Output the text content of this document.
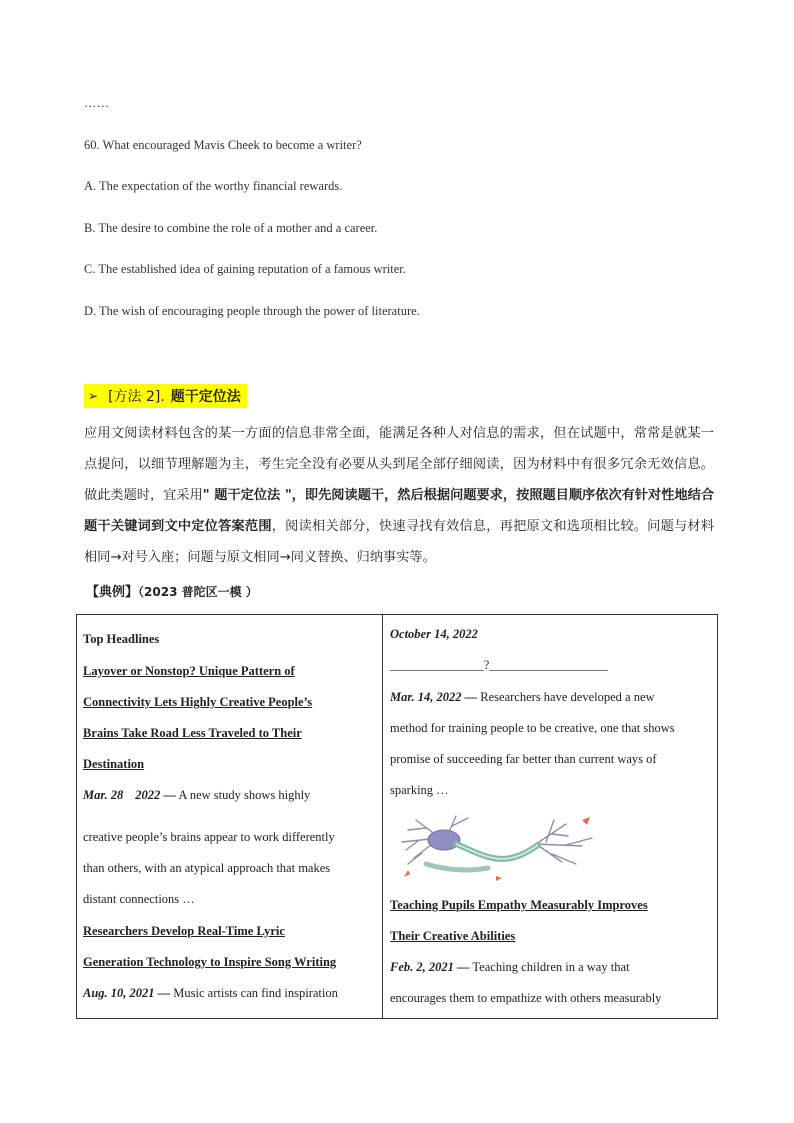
……
60. What encouraged Mavis Cheek to become a writer?
A. The expectation of the worthy financial rewards.
B. The desire to combine the role of a mother and a career.
C. The established idea of gaining reputation of a famous writer.
D. The wish of encouraging people through the power of literature.
➢ [方法 2]. 题干定位法
应用文阅读材料包含的某一方面的信息非常全面，能满足各种人对信息的需求，但在试题中，常常是就某一点提问，以细节理解题为主，考生完全没有必要从头到尾全部仔细阅读，因为材料中有很多冗余无效信息。做此类题时，宜采用" 题干定位法 "，即先阅读题干，然后根据问题要求，按照题目顺序依次有针对性地结合题干关键词到文中定位答案范围，阅读相关部分，快速寻找有效信息，再把原文和选项相比较。问题与材料相同→对号入座；问题与原文相同→同义替换、归纳事实等。
【典例】（2023 普陀区一模 ）
Top Headlines
Layover or Nonstop? Unique Pattern of
Connectivity Lets Highly Creative People’s
Brains Take Road Less Traveled to Their
Destination
Mar. 28 2022 — A new study shows highly
creative people’s brains appear to work differently
than others, with an atypical approach that makes
distant connections …
Researchers Develop Real-Time Lyric
Generation Technology to Inspire Song Writing
Aug. 10, 2021 — Music artists can find inspiration
October 14, 2022
_______________?___________________
Mar. 14, 2022 — Researchers have developed a new
method for training people to be creative, one that shows
promise of succeeding far better than current ways of
sparking …
Teaching Pupils Empathy Measurably Improves
Their Creative Abilities
Feb. 2, 2021 — Teaching children in a way that
encourages them to empathize with others measurably
